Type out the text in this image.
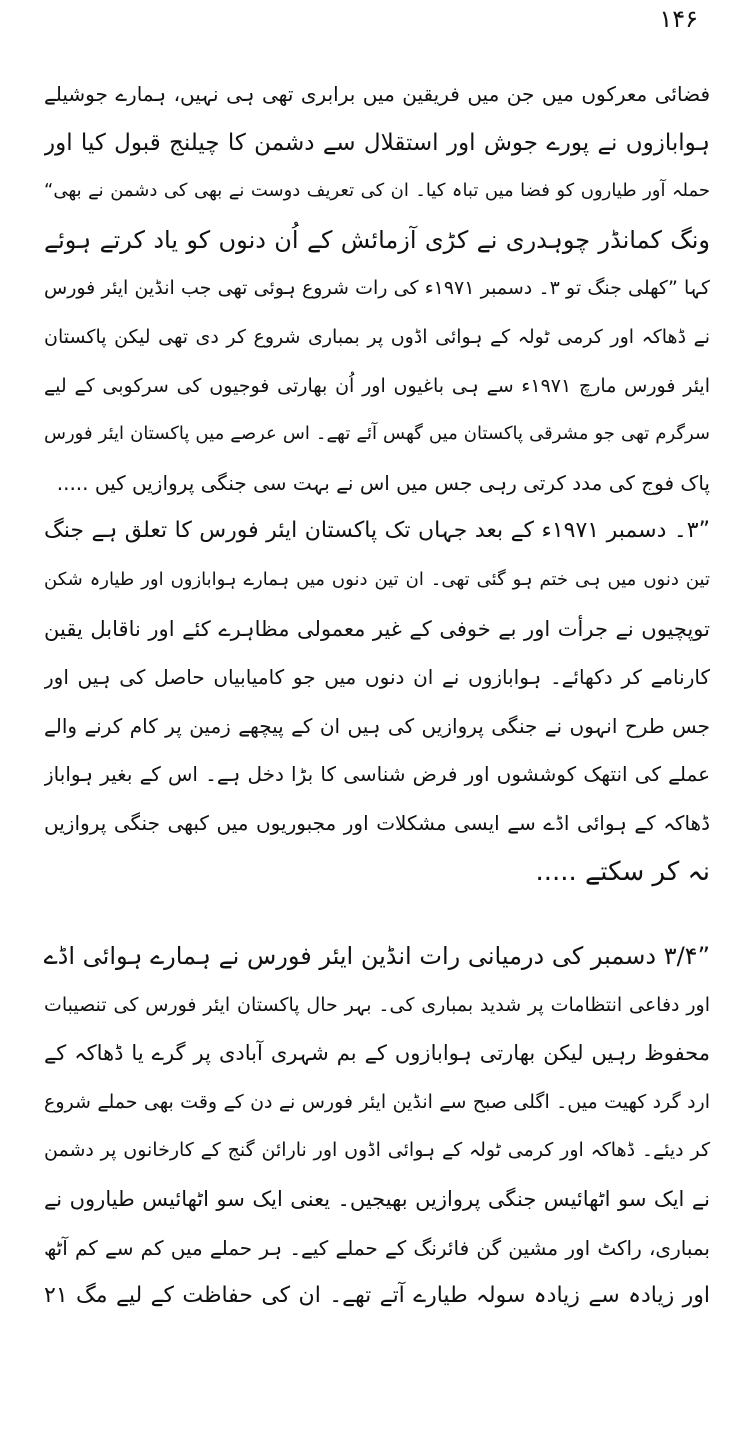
۱۴۶
فضائی معرکوں میں جن میں فریقین میں برابری تھی ہی نہیں، ہمارے جوشیلے
ہوابازوں نے پورے جوش اور استقلال سے دشمن کا چیلنج قبول کیا اور
حملہ آور طیاروں کو فضا میں تباہ کیا۔ ان کی تعریف دوست نے بھی کی دشمن نے بھی“
ونگ کمانڈر چوہدری نے کڑی آزمائش کے اُن دنوں کو یاد کرتے ہوئے
کہا ”کھلی جنگ تو ۳۔ دسمبر ۱۹۷۱ء کی رات شروع ہوئی تھی جب انڈین ایئر فورس
نے ڈھاکہ اور کرمی ٹولہ کے ہوائی اڈوں پر بمباری شروع کر دی تھی لیکن پاکستان
ایئر فورس مارچ ۱۹۷۱ء سے ہی باغیوں اور اُن بھارتی فوجیوں کی سرکوبی کے لیے
سرگرم تھی جو مشرقی پاکستان میں گھس آئے تھے۔ اس عرصے میں پاکستان ایئر فورس
پاک فوج کی مدد کرتی رہی جس میں اس نے بہت سی جنگی پروازیں کیں .....
”۳۔ دسمبر ۱۹۷۱ء کے بعد جہاں تک پاکستان ایئر فورس کا تعلق ہے جنگ
تین دنوں میں ہی ختم ہو گئی تھی۔ ان تین دنوں میں ہمارے ہوابازوں اور طیارہ شکن
توپچیوں نے جرأت اور بے خوفی کے غیر معمولی مظاہرے کئے اور ناقابل یقین
کارنامے کر دکھائے۔ ہوابازوں نے ان دنوں میں جو کامیابیاں حاصل کی ہیں اور
جس طرح انہوں نے جنگی پروازیں کی ہیں ان کے پیچھے زمین پر کام کرنے والے
عملے کی انتھک کوششوں اور فرض شناسی کا بڑا دخل ہے۔ اس کے بغیر ہواباز
ڈھاکہ کے ہوائی اڈے سے ایسی مشکلات اور مجبوریوں میں کبھی جنگی پروازیں
نہ کر سکتے .....
”۳/۴ دسمبر کی درمیانی رات انڈین ایئر فورس نے ہمارے ہوائی اڈے
اور دفاعی انتظامات پر شدید بمباری کی۔ بہر حال پاکستان ایئر فورس کی تنصیبات
محفوظ رہیں لیکن بھارتی ہوابازوں کے بم شہری آبادی پر گرے یا ڈھاکہ کے
ارد گرد کھیت میں۔ اگلی صبح سے انڈین ایئر فورس نے دن کے وقت بھی حملے شروع
کر دیئے۔ ڈھاکہ اور کرمی ٹولہ کے ہوائی اڈوں اور نارائن گنج کے کارخانوں پر دشمن
نے ایک سو اٹھائیس جنگی پروازیں بھیجیں۔ یعنی ایک سو اٹھائیس طیاروں نے
بمباری، راکٹ اور مشین گن فائرنگ کے حملے کیے۔ ہر حملے میں کم سے کم آٹھ
اور زیادہ سے زیادہ سولہ طیارے آتے تھے۔ ان کی حفاظت کے لیے مگ ۲۱
